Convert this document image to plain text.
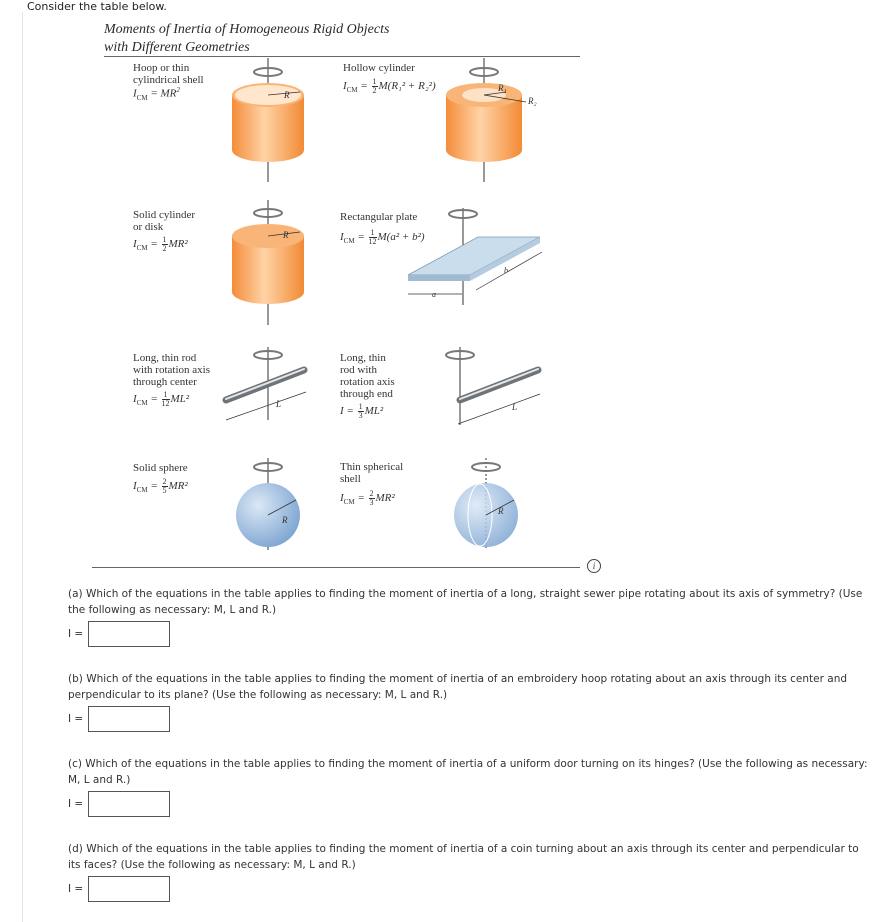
Consider the table below.
Moments of Inertia of Homogeneous Rigid Objects
with Different Geometries
Hoop or thin
cylindrical shell
$I_{CM} = MR^2$
Hollow cylinder
$I_{CM} = \frac{1}{2} M(R_1^2 + R_2^2)$
Solid cylinder
or disk
$I_{CM} = \frac{1}{2} MR^2$
Rectangular plate
$I_{CM} = \frac{1}{12} M(a^2 + b^2)$
Long, thin rod
with rotation axis
through center
$I_{CM} = \frac{1}{12} ML^2$
Long, thin
rod with
rotation axis
through end
$I = \frac{1}{3} ML^2$
Solid sphere
$I_{CM} = \frac{2}{5} MR^2$
Thin spherical
shell
$I_{CM} = \frac{2}{3} MR^2$
R
R₁
R₂
R
a
b
L	L
R
R
i
(a) Which of the equations in the table applies to finding the moment of inertia of a long, straight sewer pipe rotating about its axis of symmetry? (Use the following as necessary: M, L and R.)
I =
(b) Which of the equations in the table applies to finding the moment of inertia of an embroidery hoop rotating about an axis through its center and perpendicular to its plane? (Use the following as necessary: M, L and R.)
I =
(c) Which of the equations in the table applies to finding the moment of inertia of a uniform door turning on its hinges? (Use the following as necessary: M, L and R.)
I =
(d) Which of the equations in the table applies to finding the moment of inertia of a coin turning about an axis through its center and perpendicular to its faces? (Use the following as necessary: M, L and R.)
I =
